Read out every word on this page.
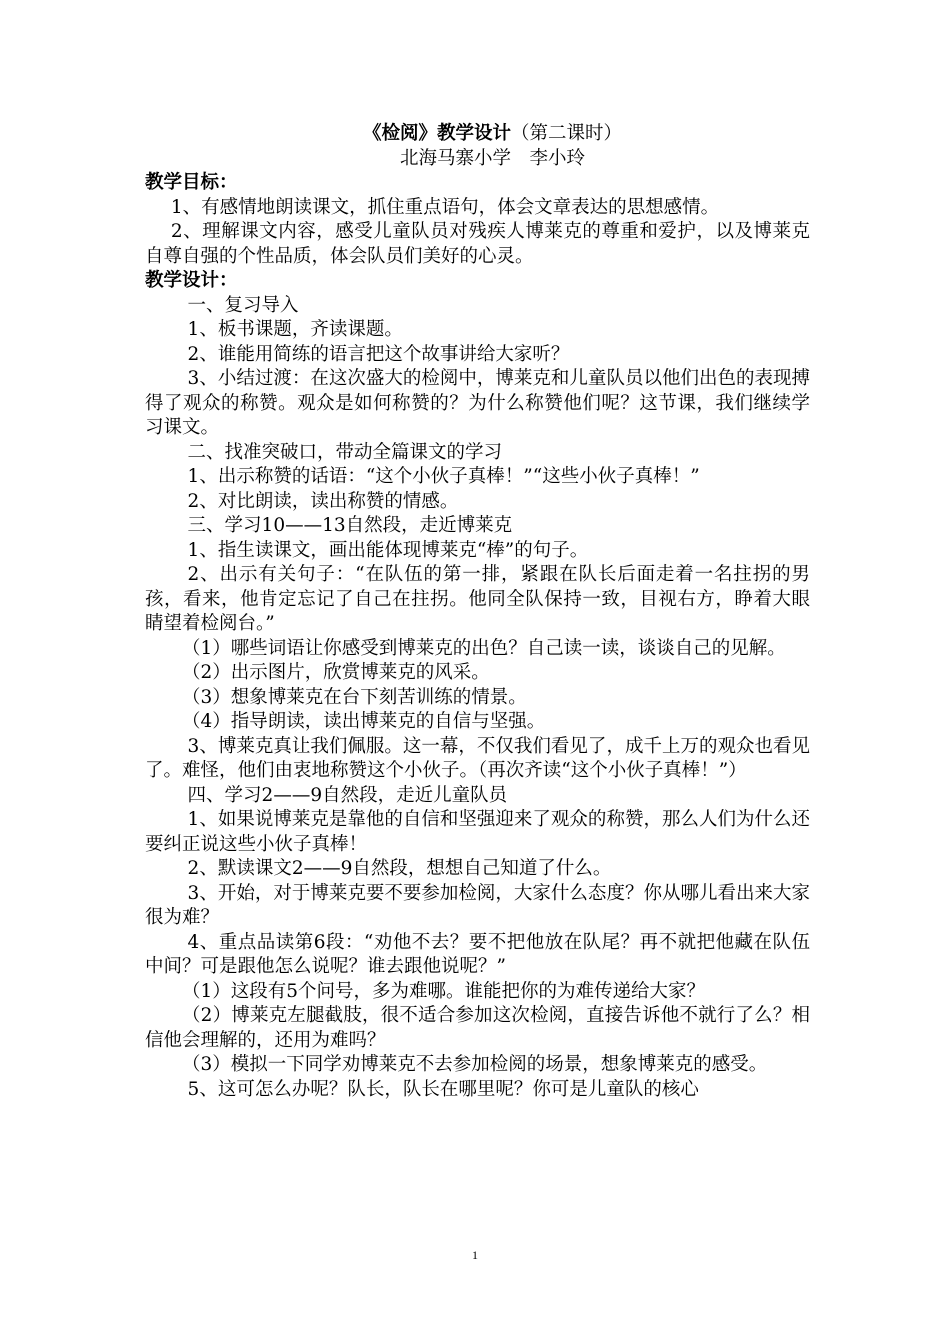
《检阅》教学设计（第二课时）
北海马寨小学　李小玲
教学目标：
1、有感情地朗读课文，抓住重点语句，体会文章表达的思想感情。
2、理解课文内容，感受儿童队员对残疾人博莱克的尊重和爱护，以及博莱克自尊自强的个性品质，体会队员们美好的心灵。
教学设计：
一、复习导入
1、板书课题，齐读课题。
2、谁能用简练的语言把这个故事讲给大家听？
3、小结过渡：在这次盛大的检阅中，博莱克和儿童队员以他们出色的表现搏得了观众的称赞。观众是如何称赞的？为什么称赞他们呢？这节课，我们继续学习课文。
二、找准突破口，带动全篇课文的学习
1、出示称赞的话语：“这个小伙子真棒！”“这些小伙子真棒！”
2、对比朗读，读出称赞的情感。
三、学习10——13自然段，走近博莱克
1、指生读课文，画出能体现博莱克“棒”的句子。
2、出示有关句子：“在队伍的第一排，紧跟在队长后面走着一名拄拐的男孩，看来，他肯定忘记了自己在拄拐。他同全队保持一致，目视右方，睁着大眼睛望着检阅台。”
（1）哪些词语让你感受到博莱克的出色？自己读一读，谈谈自己的见解。
（2）出示图片，欣赏博莱克的风采。
（3）想象博莱克在台下刻苦训练的情景。
（4）指导朗读，读出博莱克的自信与坚强。
3、博莱克真让我们佩服。这一幕，不仅我们看见了，成千上万的观众也看见了。难怪，他们由衷地称赞这个小伙子。（再次齐读“这个小伙子真棒！”）
四、学习2——9自然段，走近儿童队员
1、如果说博莱克是靠他的自信和坚强迎来了观众的称赞，那么人们为什么还要纠正说这些小伙子真棒！
2、默读课文2——9自然段，想想自己知道了什么。
3、开始，对于博莱克要不要参加检阅，大家什么态度？你从哪儿看出来大家很为难？
4、重点品读第6段：“劝他不去？要不把他放在队尾？再不就把他藏在队伍中间？可是跟他怎么说呢？谁去跟他说呢？”
（1）这段有5个问号，多为难哪。谁能把你的为难传递给大家？
（2）博莱克左腿截肢，很不适合参加这次检阅，直接告诉他不就行了么？相信他会理解的，还用为难吗？
（3）模拟一下同学劝博莱克不去参加检阅的场景，想象博莱克的感受。
5、这可怎么办呢？队长，队长在哪里呢？你可是儿童队的核心
1
